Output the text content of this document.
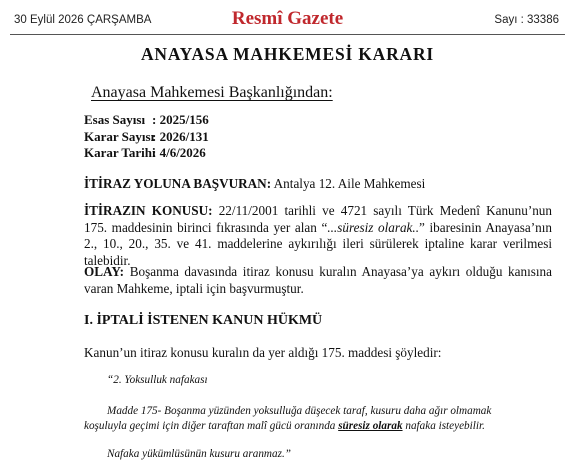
30 Eylül 2026 ÇARŞAMBA	Resmî Gazete	Sayı : 33386
ANAYASA MAHKEMESİ KARARI
Anayasa Mahkemesi Başkanlığından:
Esas Sayısı : 2025/156
Karar Sayısı: 2026/131
Karar Tarihi: 4/6/2026
İTİRAZ YOLUNA BAŞVURAN: Antalya 12. Aile Mahkemesi
İTİRAZIN KONUSU: 22/11/2001 tarihli ve 4721 sayılı Türk Medenî Kanunu’nun 175. maddesinin birinci fıkrasında yer alan “...süresiz olarak..” ibaresinin Anayasa’nın 2., 10., 20., 35. ve 41. maddelerine aykırılığı ileri sürülerek iptaline karar verilmesi talebidir.
OLAY: Boşanma davasında itiraz konusu kuralın Anayasa’ya aykırı olduğu kanısına varan Mahkeme, iptali için başvurmuştur.
I. İPTALİ İSTENEN KANUN HÜKMÜ
Kanun’un itiraz konusu kuralın da yer aldığı 175. maddesi şöyledir:
“2. Yoksulluk nafakası
Madde 175- Boşanma yüzünden yoksulluğa düşecek taraf, kusuru daha ağır olmamak
koşuluyla geçimi için diğer taraftan malî gücü oranında süresiz olarak nafaka isteyebilir.
Nafaka yükümlüsünün kusuru aranmaz.”
